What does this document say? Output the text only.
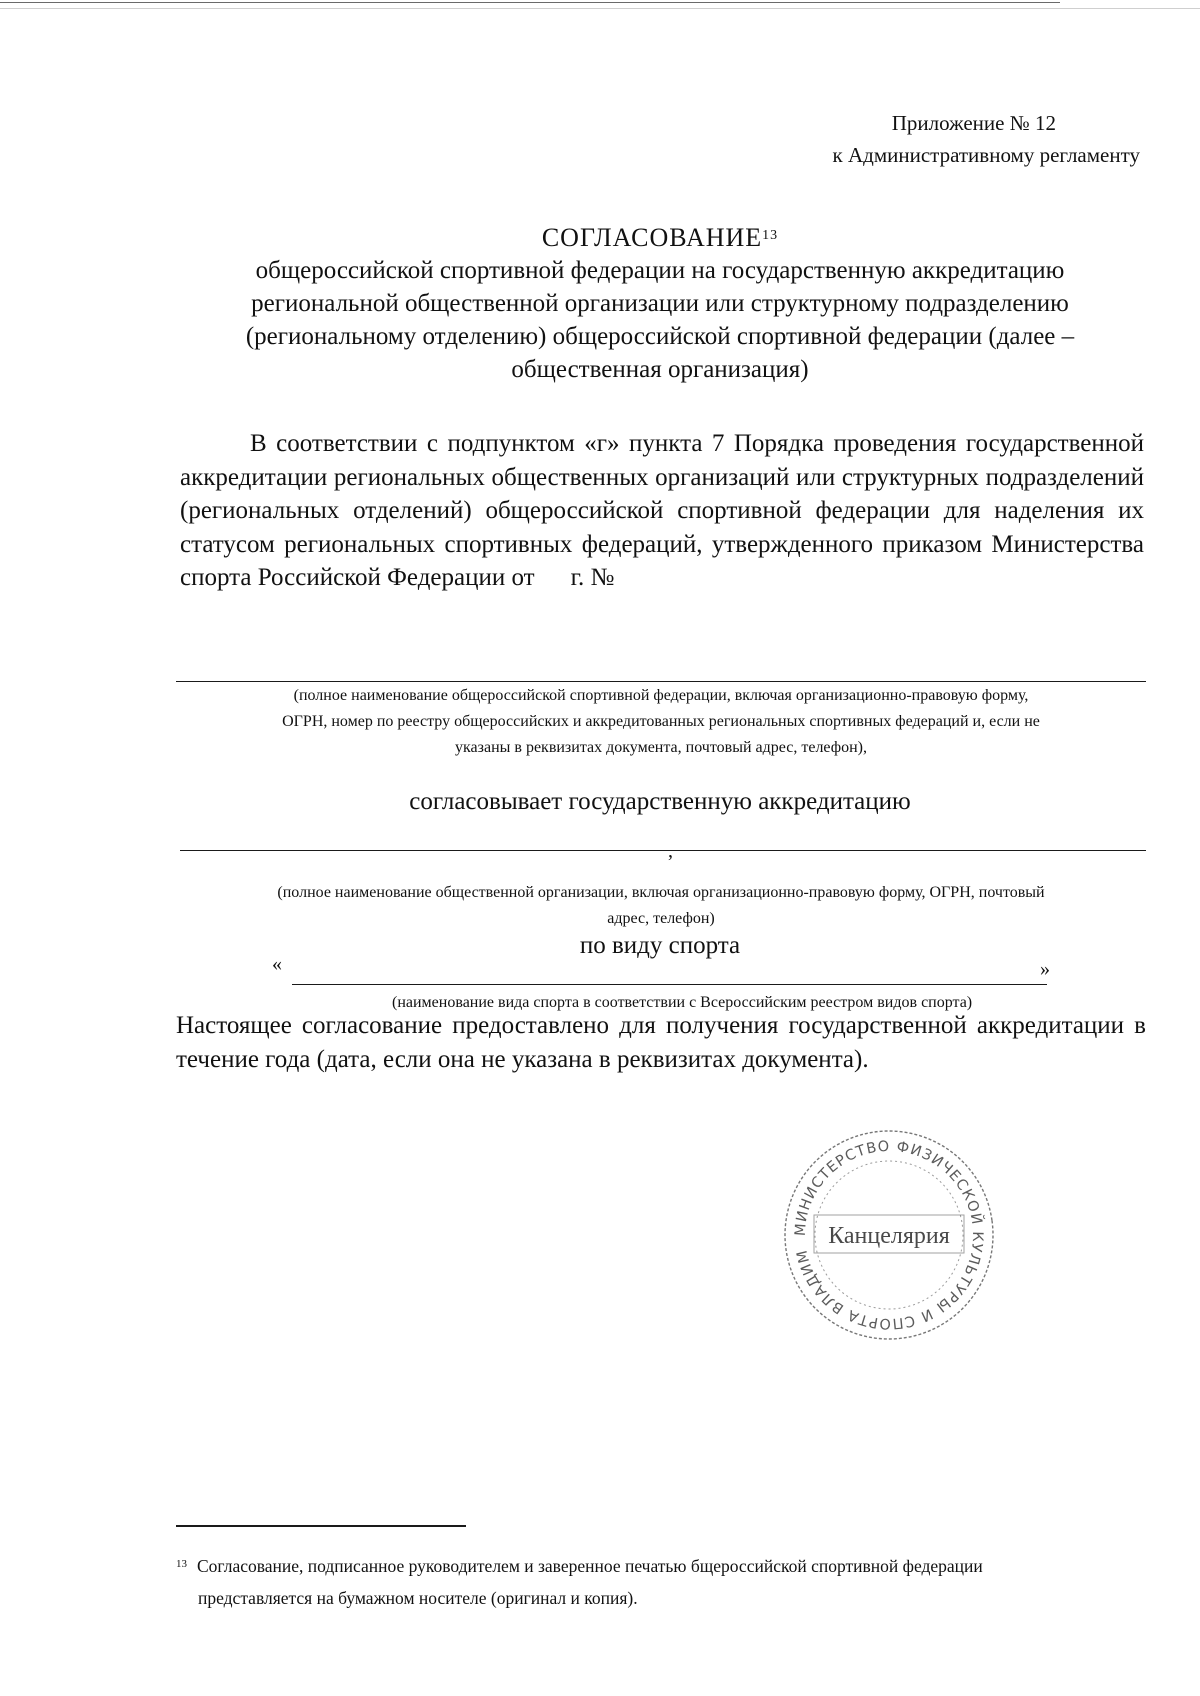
Приложение № 12
к Административному регламенту
СОГЛАСОВАНИЕ$^{13}$
общероссийской спортивной федерации на государственную аккредитацию
региональной общественной организации или структурному подразделению
(региональному отделению) общероссийской спортивной федерации (далее –
общественная организация)

В соответствии с подпунктом «г» пункта 7 Порядка проведения государственной аккредитации региональных общественных организаций или структурных подразделений (региональных отделений) общероссийской спортивной федерации для наделения их статусом региональных спортивных федераций, утвержденного приказом Министерства спорта Российской Федерации от г. №

(полное наименование общероссийской спортивной федерации, включая организационно-правовую форму,
ОГРН, номер по реестру общероссийских и аккредитованных региональных спортивных федераций и, если не
указаны в реквизитах документа, почтовый адрес, телефон),
согласовывает государственную аккредитацию
,
(полное наименование общественной организации, включая организационно-правовую форму, ОГРН, почтовый
адрес, телефон)
по виду спорта
«	»
(наименование вида спорта в соответствии с Всероссийским реестром видов спорта)

Настоящее согласование предоставлено для получения государственной аккредитации в течение года (дата, если она не указана в реквизитах документа).

МИНИСТЕРСТВО ФИЗИЧЕСКОЙ КУЛЬТУРЫ И СПОРТА ВЛАДИМИРСКОЙ
Канцелярия

$^{13}$ Согласование, подписанное руководителем и заверенное печатью бщероссийской спортивной федерации
представляется на бумажном носителе (оригинал и копия).
